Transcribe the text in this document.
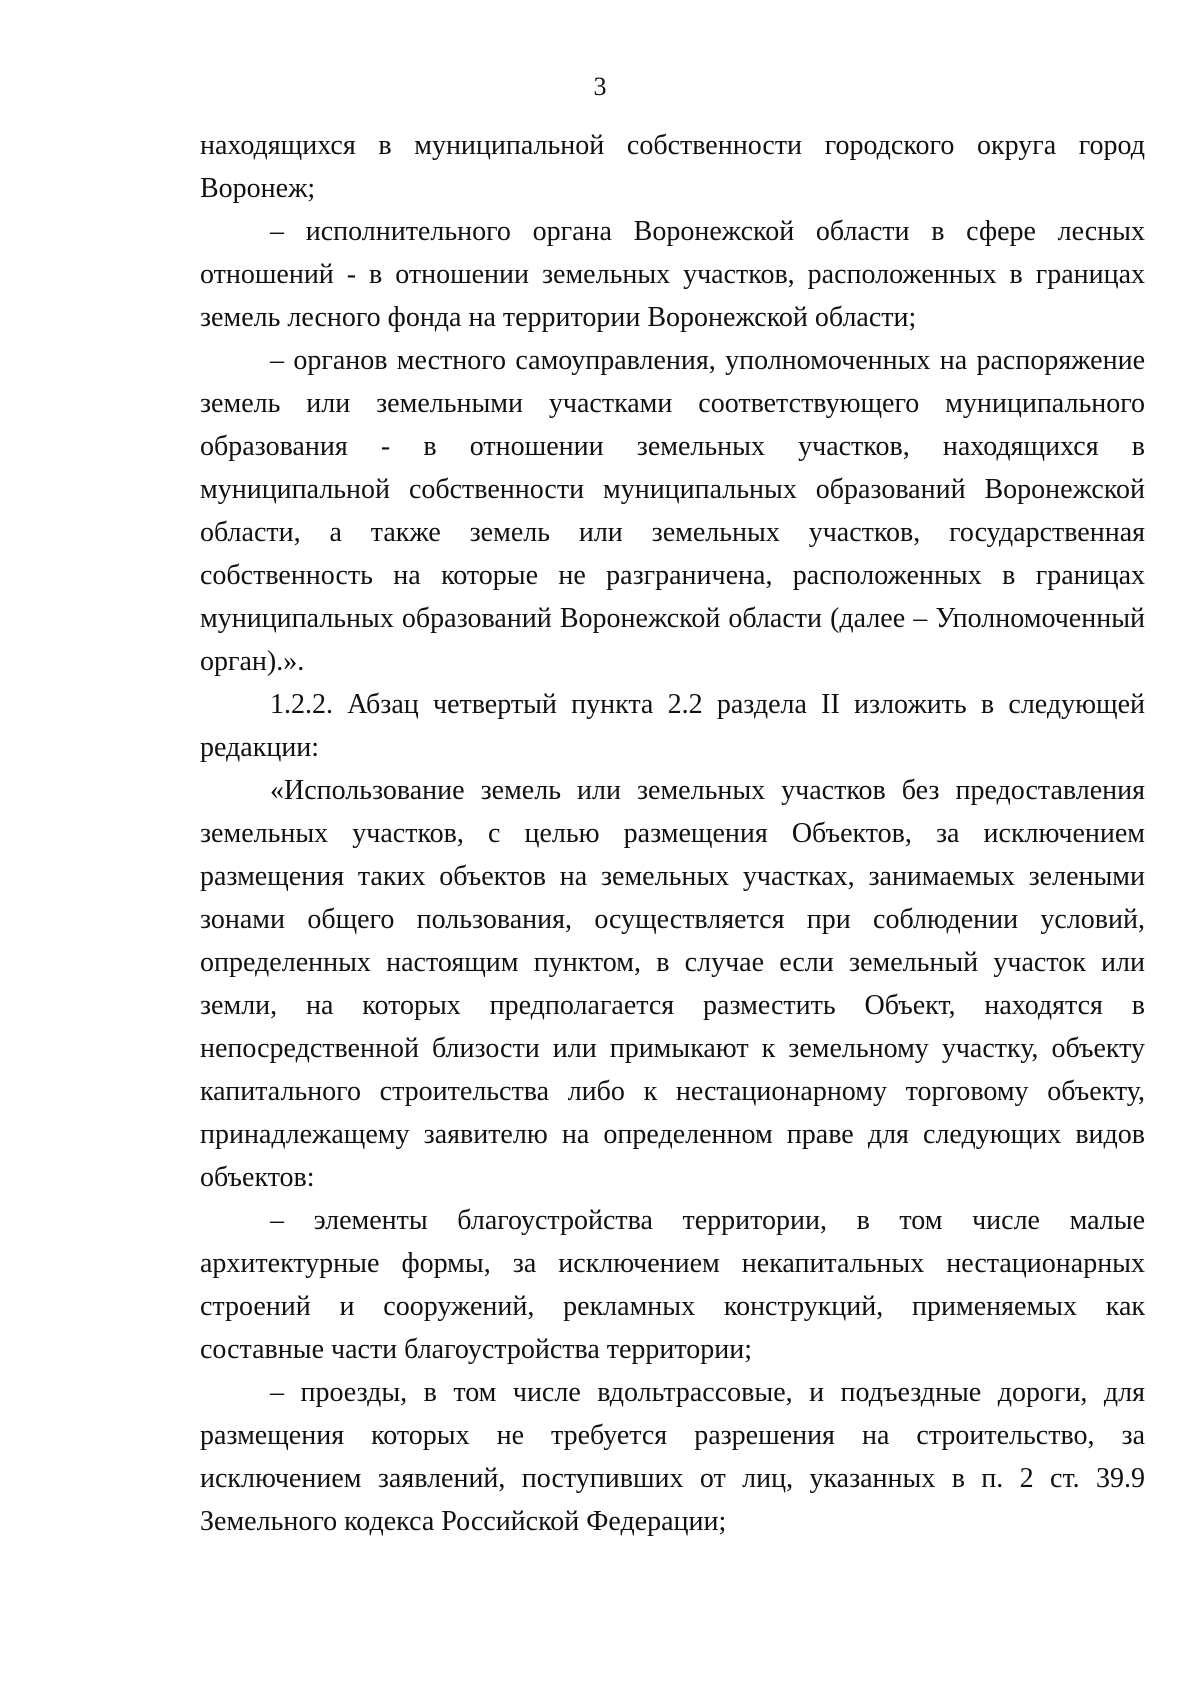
3

находящихся в муниципальной собственности городского округа город Воронеж;

– исполнительного органа Воронежской области в сфере лесных отношений - в отношении земельных участков, расположенных в границах земель лесного фонда на территории Воронежской области;

– органов местного самоуправления, уполномоченных на распоряжение земель или земельными участками соответствующего муниципального образования - в отношении земельных участков, находящихся в муниципальной собственности муниципальных образований Воронежской области, а также земель или земельных участков, государственная собственность на которые не разграничена, расположенных в границах муниципальных образований Воронежской области (далее – Уполномоченный орган).».

1.2.2. Абзац четвертый пункта 2.2 раздела II изложить в следующей редакции:

«Использование земель или земельных участков без предоставления земельных участков, с целью размещения Объектов, за исключением размещения таких объектов на земельных участках, занимаемых зелеными зонами общего пользования, осуществляется при соблюдении условий, определенных настоящим пунктом, в случае если земельный участок или земли, на которых предполагается разместить Объект, находятся в непосредственной близости или примыкают к земельному участку, объекту капитального строительства либо к нестационарному торговому объекту, принадлежащему заявителю на определенном праве для следующих видов объектов:

– элементы благоустройства территории, в том числе малые архитектурные формы, за исключением некапитальных нестационарных строений и сооружений, рекламных конструкций, применяемых как составные части благоустройства территории;

– проезды, в том числе вдольтрассовые, и подъездные дороги, для размещения которых не требуется разрешения на строительство, за исключением заявлений, поступивших от лиц, указанных в п. 2 ст. 39.9 Земельного кодекса Российской Федерации;
